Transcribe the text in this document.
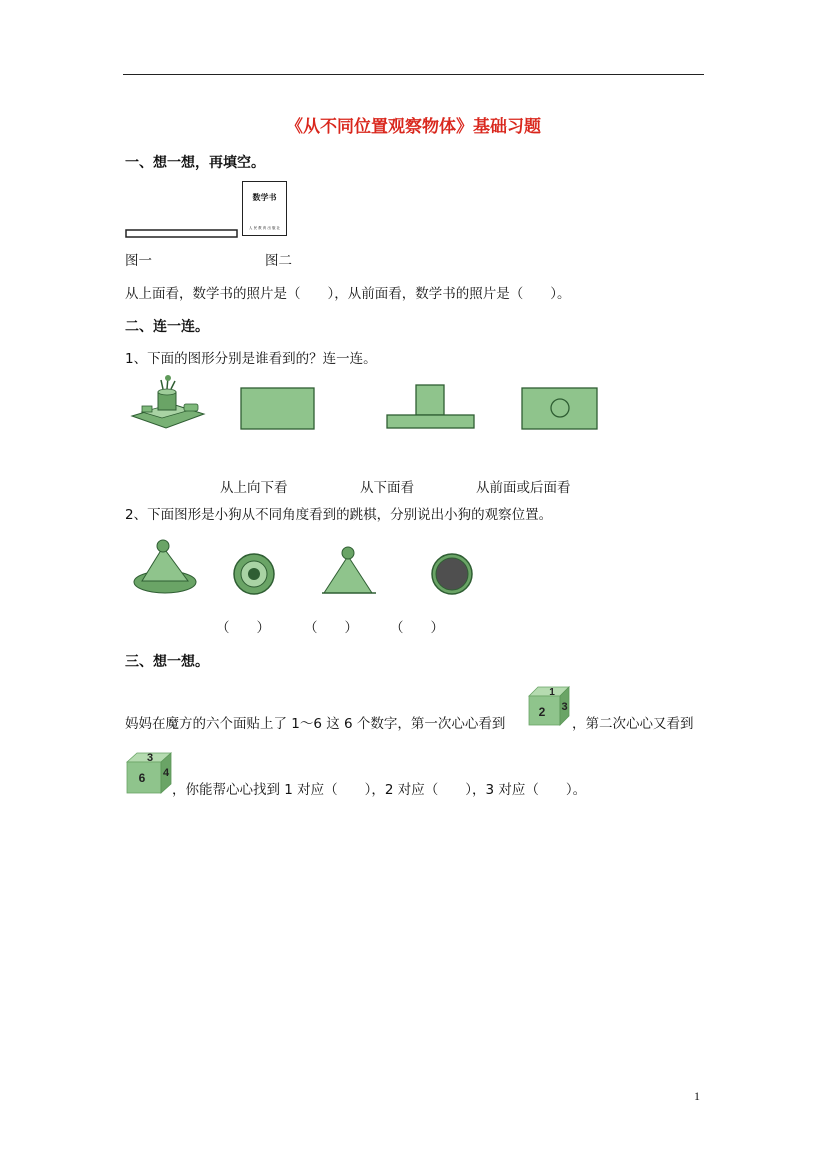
《从不同位置观察物体》基础习题
一、想一想，再填空。
数学书
人 民 教 育 出 版 社
图一	图二
从上面看，数学书的照片是（　　），从前面看，数学书的照片是（　　）。
二、连一连。
1、下面的图形分别是谁看到的？连一连。
从上向下看	从下面看	从前面或后面看
2、下面图形是小狗从不同角度看到的跳棋，分别说出小狗的观察位置。
（　　）	（　　） （　　）
三、想一想。
妈妈在魔方的六个面贴上了 1～6 这 6 个数字，第一次心心看到
1
2 3
，第二次心心又看到
3
6 4
，你能帮心心找到 1 对应（　　），2 对应（　　），3 对应（　　）。
1
